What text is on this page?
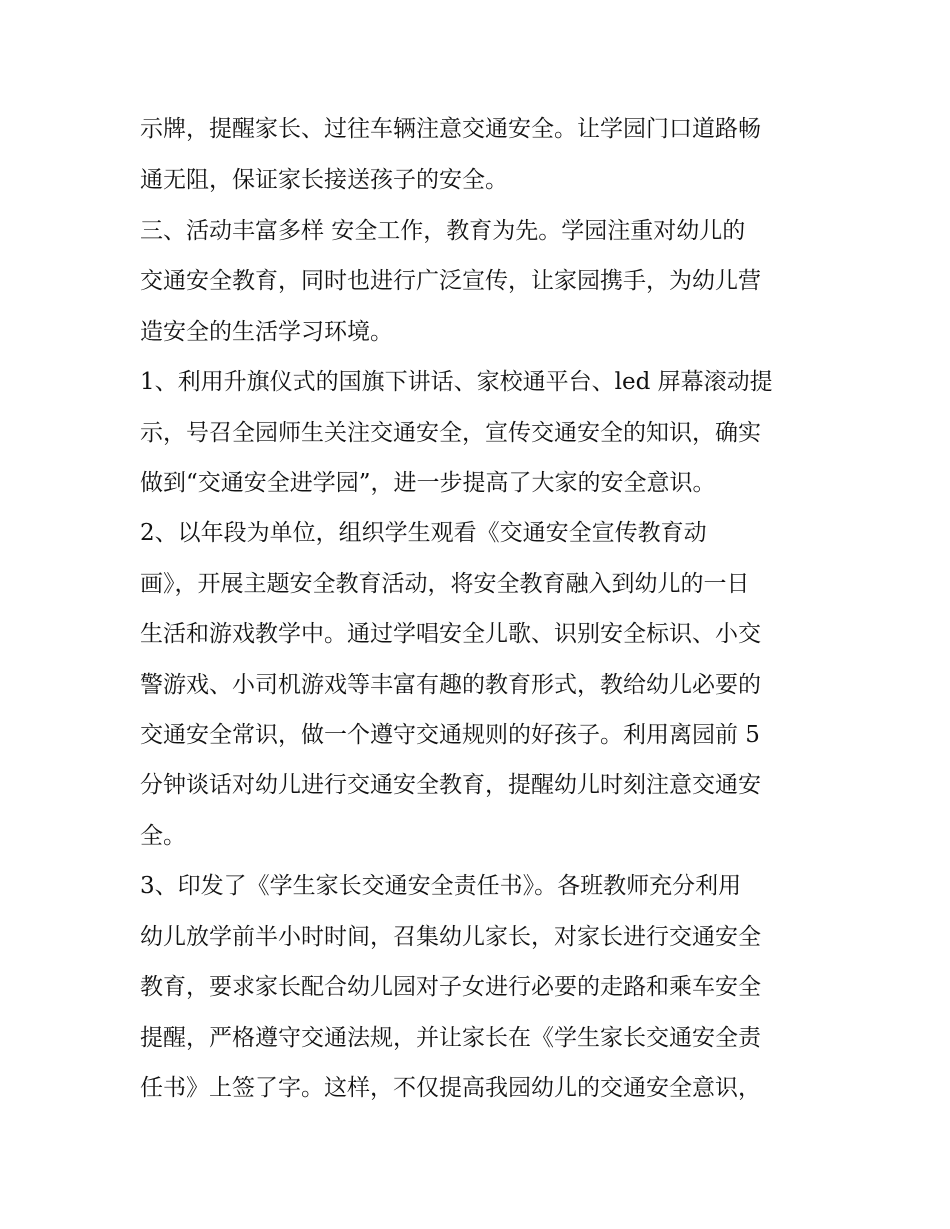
示牌，提醒家长、过往车辆注意交通安全。让学园门口道路畅
通无阻，保证家长接送孩子的安全。
三、活动丰富多样 安全工作，教育为先。学园注重对幼儿的
交通安全教育，同时也进行广泛宣传，让家园携手，为幼儿营
造安全的生活学习环境。
1、利用升旗仪式的国旗下讲话、家校通平台、led 屏幕滚动提
示，号召全园师生关注交通安全，宣传交通安全的知识，确实
做到“交通安全进学园”，进一步提高了大家的安全意识。
2、以年段为单位，组织学生观看《交通安全宣传教育动
画》，开展主题安全教育活动，将安全教育融入到幼儿的一日
生活和游戏教学中。通过学唱安全儿歌、识别安全标识、小交
警游戏、小司机游戏等丰富有趣的教育形式，教给幼儿必要的
交通安全常识，做一个遵守交通规则的好孩子。利用离园前 5
分钟谈话对幼儿进行交通安全教育，提醒幼儿时刻注意交通安
全。
3、印发了《学生家长交通安全责任书》。各班教师充分利用
幼儿放学前半小时时间，召集幼儿家长，对家长进行交通安全
教育，要求家长配合幼儿园对子女进行必要的走路和乘车安全
提醒，严格遵守交通法规，并让家长在《学生家长交通安全责
任书》上签了字。这样，不仅提高我园幼儿的交通安全意识，
